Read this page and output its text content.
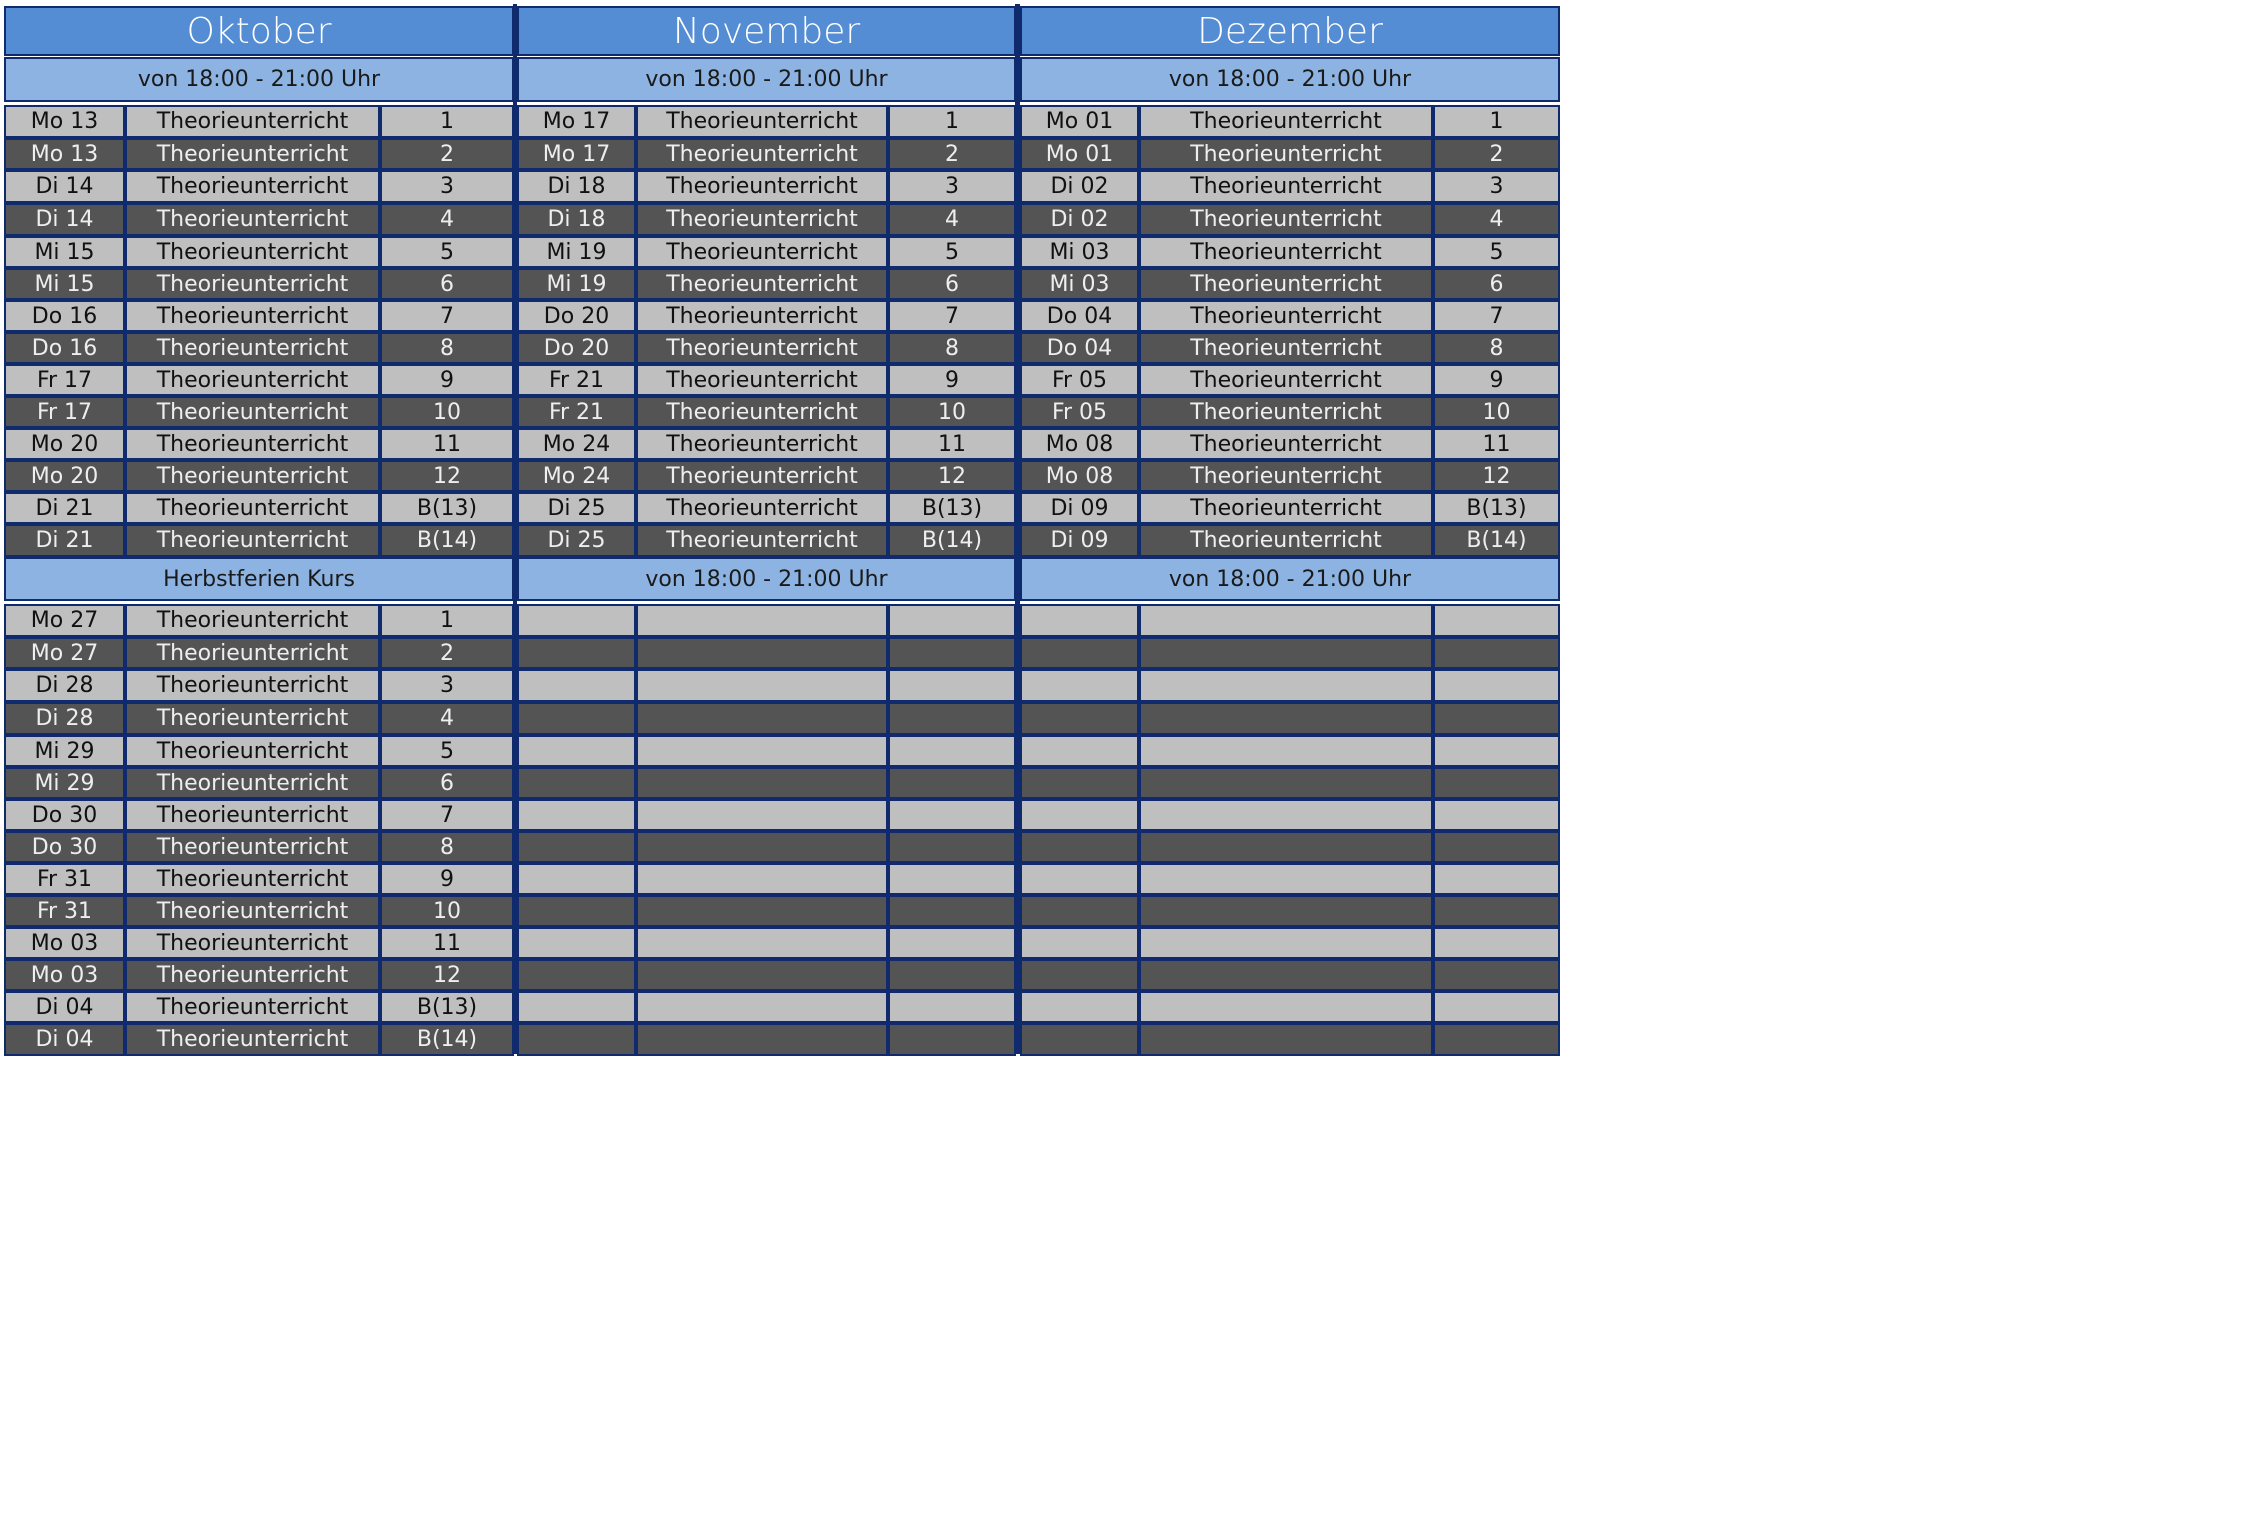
Oktober
von 18:00 - 21:00 Uhr
Mo 13	Theorieunterricht	1
Mo 13	Theorieunterricht	2
Di 14	Theorieunterricht	3
Di 14	Theorieunterricht	4
Mi 15	Theorieunterricht	5
Mi 15	Theorieunterricht	6
Do 16	Theorieunterricht	7
Do 16	Theorieunterricht	8
Fr 17	Theorieunterricht	9
Fr 17	Theorieunterricht	10
Mo 20	Theorieunterricht	11
Mo 20	Theorieunterricht	12
Di 21	Theorieunterricht	B(13)
Di 21	Theorieunterricht	B(14)
Herbstferien Kurs
Mo 27	Theorieunterricht	1
Mo 27	Theorieunterricht	2
Di 28	Theorieunterricht	3
Di 28	Theorieunterricht	4
Mi 29	Theorieunterricht	5
Mi 29	Theorieunterricht	6
Do 30	Theorieunterricht	7
Do 30	Theorieunterricht	8
Fr 31	Theorieunterricht	9
Fr 31	Theorieunterricht	10
Mo 03	Theorieunterricht	11
Mo 03	Theorieunterricht	12
Di 04	Theorieunterricht	B(13)
Di 04	Theorieunterricht	B(14)
November
von 18:00 - 21:00 Uhr
Mo 17	Theorieunterricht	1
Mo 17	Theorieunterricht	2
Di 18	Theorieunterricht	3
Di 18	Theorieunterricht	4
Mi 19	Theorieunterricht	5
Mi 19	Theorieunterricht	6
Do 20	Theorieunterricht	7
Do 20	Theorieunterricht	8
Fr 21	Theorieunterricht	9
Fr 21	Theorieunterricht	10
Mo 24	Theorieunterricht	11
Mo 24	Theorieunterricht	12
Di 25	Theorieunterricht	B(13)
Di 25	Theorieunterricht	B(14)
von 18:00 - 21:00 Uhr
Dezember
von 18:00 - 21:00 Uhr
Mo 01	Theorieunterricht	1
Mo 01	Theorieunterricht	2
Di 02	Theorieunterricht	3
Di 02	Theorieunterricht	4
Mi 03	Theorieunterricht	5
Mi 03	Theorieunterricht	6
Do 04	Theorieunterricht	7
Do 04	Theorieunterricht	8
Fr 05	Theorieunterricht	9
Fr 05	Theorieunterricht	10
Mo 08	Theorieunterricht	11
Mo 08	Theorieunterricht	12
Di 09	Theorieunterricht	B(13)
Di 09	Theorieunterricht	B(14)
von 18:00 - 21:00 Uhr
